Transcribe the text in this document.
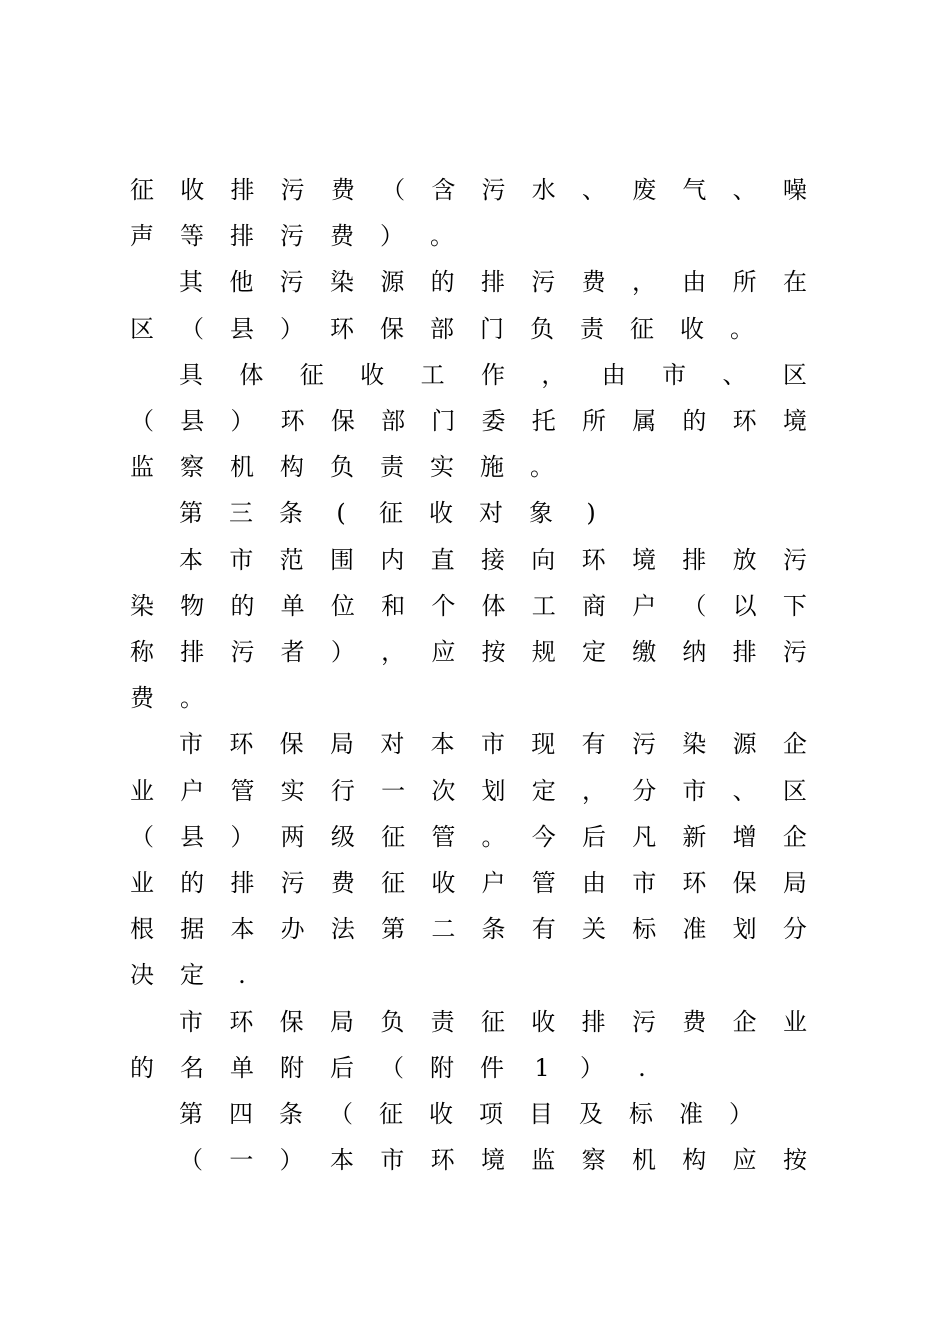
征 收 排 污 费 （ 含 污 水 、 废 气 、 噪
声 等 排 污 费 ） 。
其 他 污 染 源 的 排 污 费 ， 由 所 在
区 （ 县 ） 环 保 部 门 负 责 征 收 。
具 体 征 收 工 作 ， 由 市 、 区
（ 县 ） 环 保 部 门 委 托 所 属 的 环 境
监 察 机 构 负 责 实 施 。
第 三 条	(	征 收 对 象	)
本 市 范 围 内 直 接 向 环 境 排 放 污
染 物 的 单 位 和 个 体 工 商 户 （ 以 下
称 排 污 者 ） ， 应 按 规 定 缴 纳 排 污
费 。
市 环 保 局 对 本 市 现 有 污 染 源 企
业 户 管 实 行 一 次 划 定 ， 分 市 、 区
（ 县 ） 两 级 征 管 。 今 后 凡 新 增 企
业 的 排 污 费 征 收 户 管 由 市 环 保 局
根 据 本 办 法 第 二 条 有 关 标 准 划 分
决 定	.
市 环 保 局 负 责 征 收 排 污 费 企 业
的 名 单 附 后 （ 附 件 1 ）	.
第 四 条 （ 征 收 项 目 及 标 准 ）
（ 一 ） 本 市 环 境 监 察 机 构 应 按
